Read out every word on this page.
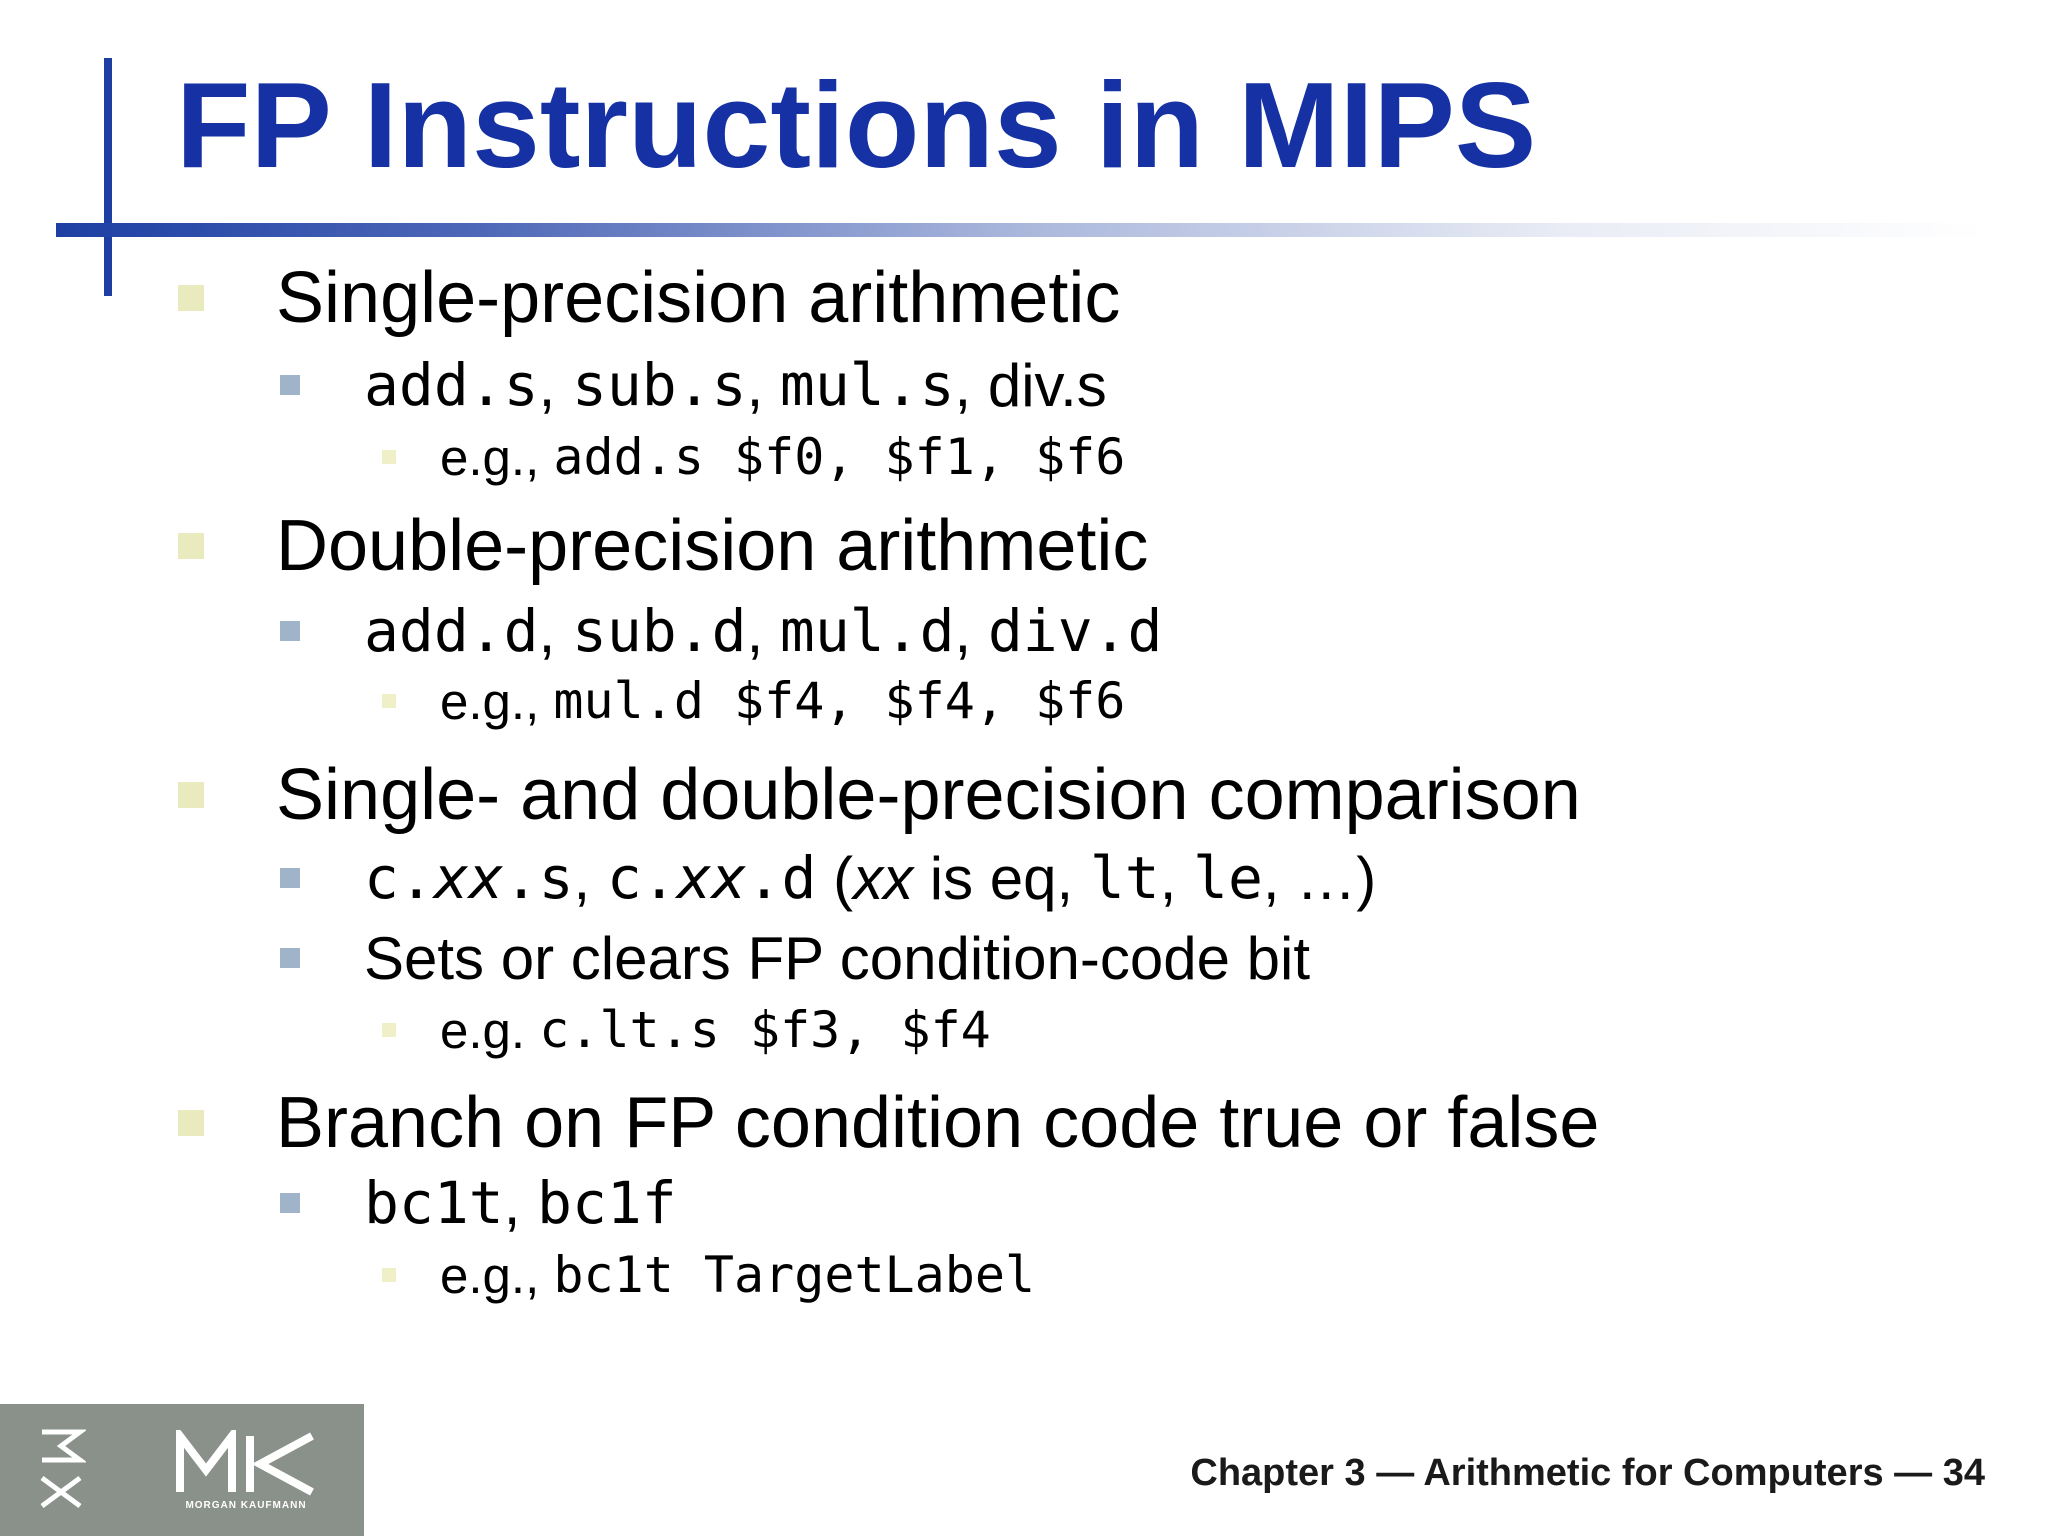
FP Instructions in MIPS
Single-precision arithmetic
add.s , sub.s , mul.s , div.s
e.g.,
add.s $f0, $f1, $f6
Double-precision arithmetic
add.d , sub.d , mul.d , div.d
e.g.,
mul.d $f4, $f4, $f6
Single- and double-precision comparison
c. xx .s , c. xx .d
( xx
is
eq , lt , le , …)
Sets or clears FP condition-code bit
e.g.
c.lt.s $f3, $f4
Branch on FP condition code true or false
bc1t , bc1f
e.g.,
bc1t TargetLabel
MORGAN KAUFMANN
Chapter 3 — Arithmetic for Computers — 34
